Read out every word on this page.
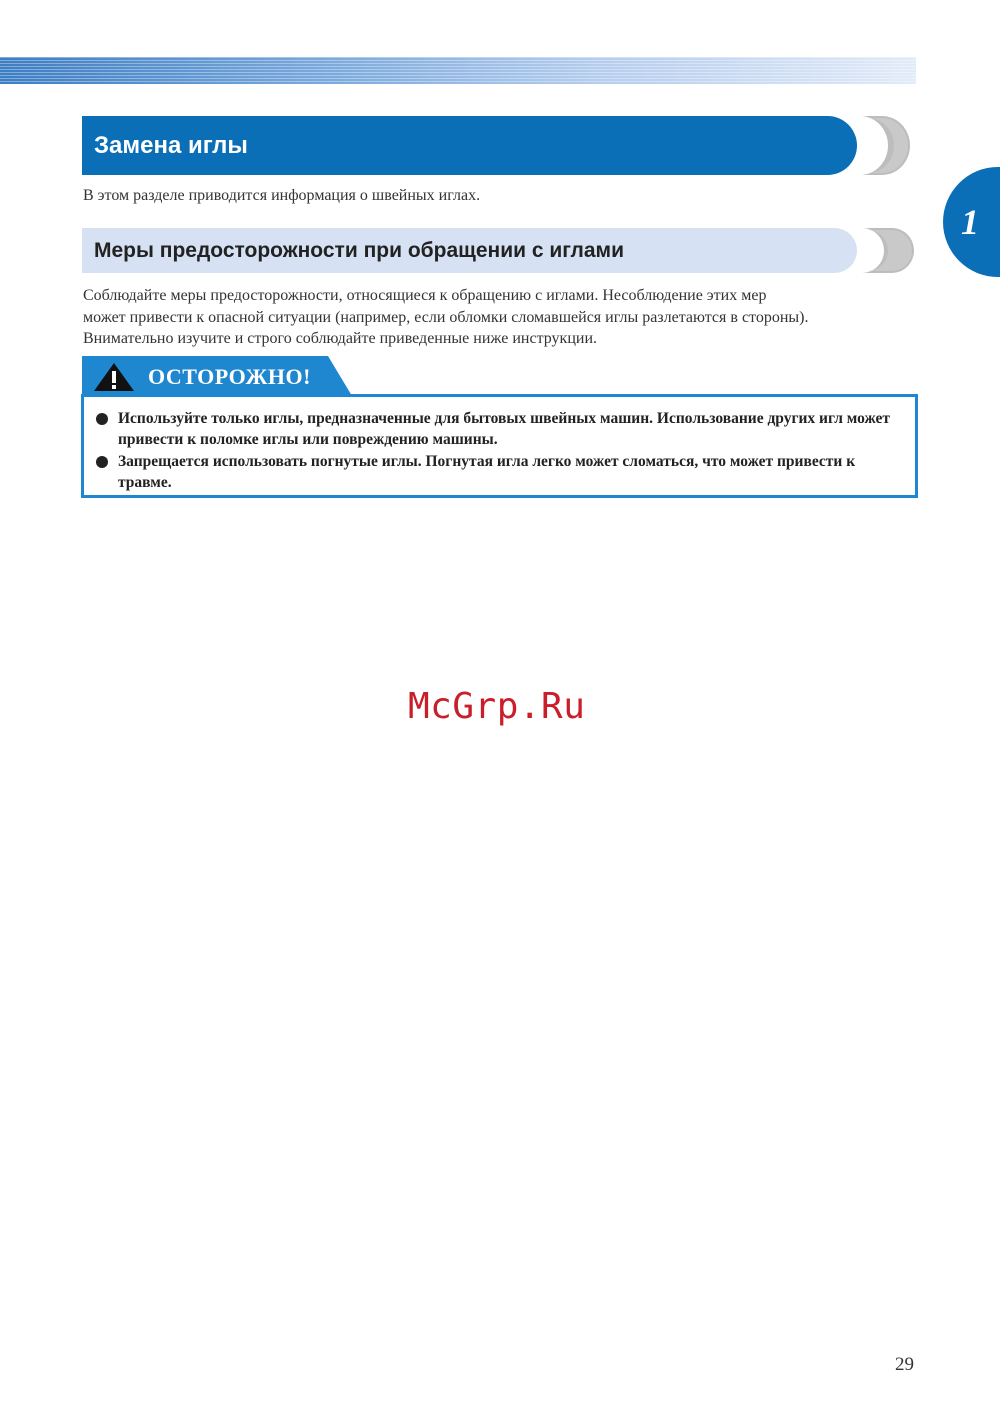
Замена иглы
В этом разделе приводится информация о швейных иглах.
Меры предосторожности при обращении с иглами
Соблюдайте меры предосторожности, относящиеся к обращению с иглами. Несоблюдение этих мер
может привести к опасной ситуации (например, если обломки сломавшейся иглы разлетаются в стороны).
Внимательно изучите и строго соблюдайте приведенные ниже инструкции.
ОСТОРОЖНО!
Используйте только иглы, предназначенные для бытовых швейных машин. Использование других игл может привести к поломке иглы или повреждению машины.
Запрещается использовать погнутые иглы. Погнутая игла легко может сломаться, что может привести к травме.
1
McGrp.Ru
29
